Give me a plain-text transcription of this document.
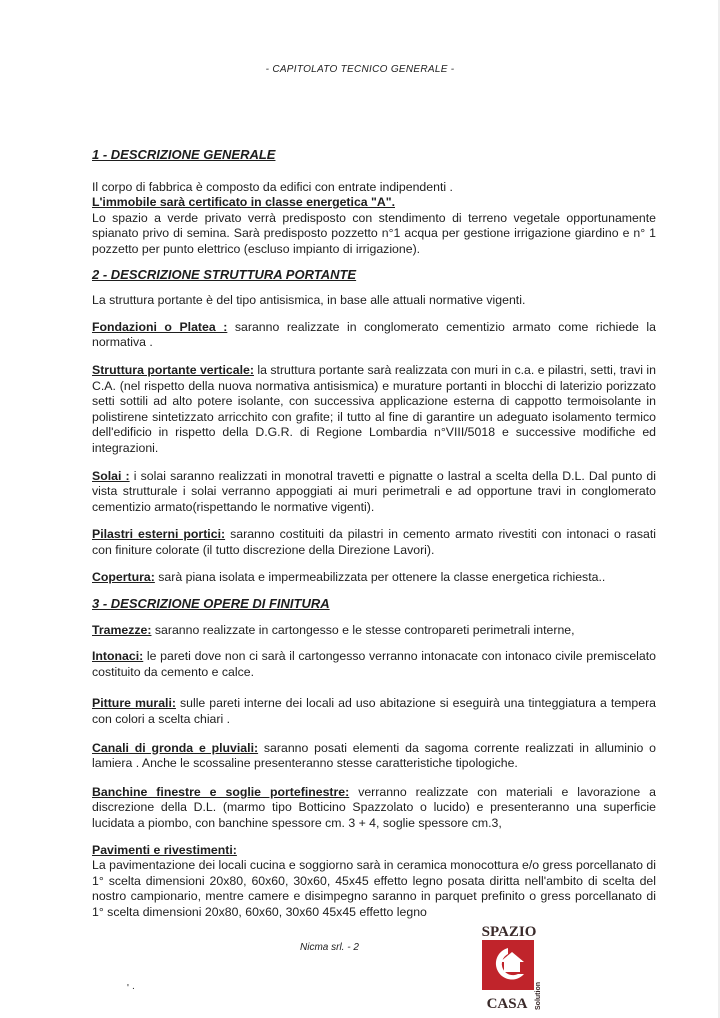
- CAPITOLATO TECNICO GENERALE -

1 - DESCRIZIONE GENERALE

Il corpo di fabbrica è composto da edifici con entrate indipendenti .

L'immobile sarà certificato in classe energetica "A".

Lo spazio a verde privato verrà predisposto con stendimento di terreno vegetale opportunamente spianato privo di semina. Sarà predisposto pozzetto n°1 acqua per gestione irrigazione giardino e n° 1 pozzetto per punto elettrico (escluso impianto di irrigazione).

2 - DESCRIZIONE STRUTTURA PORTANTE

La struttura portante è del tipo antisismica, in base alle attuali normative vigenti.

Fondazioni o Platea : saranno realizzate in conglomerato cementizio armato come richiede la normativa .

Struttura portante verticale: la struttura portante sarà realizzata con muri in c.a. e pilastri, setti, travi in C.A. (nel rispetto della nuova normativa antisismica) e murature portanti in blocchi di laterizio porizzato setti sottili ad alto potere isolante, con successiva applicazione esterna di cappotto termoisolante in polistirene sintetizzato arricchito con grafite; il tutto al fine di garantire un adeguato isolamento termico dell'edificio in rispetto della D.G.R. di Regione Lombardia n°VIII/5018 e successive modifiche ed integrazioni.

Solai : i solai saranno realizzati in monotral travetti e pignatte o lastral a scelta della D.L. Dal punto di vista strutturale i solai verranno appoggiati ai muri perimetrali e ad opportune travi in conglomerato cementizio armato(rispettando le normative vigenti).

Pilastri esterni portici: saranno costituiti da pilastri in cemento armato rivestiti con intonaci o rasati con finiture colorate (il tutto discrezione della Direzione Lavori).

Copertura: sarà piana isolata e impermeabilizzata per ottenere la classe energetica richiesta..

3 - DESCRIZIONE OPERE DI FINITURA

Tramezze: saranno realizzate in cartongesso e le stesse contropareti perimetrali interne,

Intonaci: le pareti dove non ci sarà il cartongesso verranno intonacate con intonaco civile premiscelato costituito da cemento e calce.

Pitture murali: sulle pareti interne dei locali ad uso abitazione si eseguirà una tinteggiatura a tempera con colori a scelta chiari .

Canali di gronda e pluviali: saranno posati elementi da sagoma corrente realizzati in alluminio o lamiera . Anche le scossaline presenteranno stesse caratteristiche tipologiche.

Banchine finestre e soglie portefinestre: verranno realizzate con materiali e lavorazione a discrezione della D.L. (marmo tipo Botticino Spazzolato o lucido) e presenteranno una superficie lucidata a piombo, con banchine spessore cm. 3 + 4, soglie spessore cm.3,

Pavimenti e rivestimenti:

La pavimentazione dei locali cucina e soggiorno sarà in ceramica monocottura e/o gress porcellanato di 1° scelta dimensioni 20x80, 60x60, 30x60, 45x45 effetto legno posata diritta nell'ambito di scelta del nostro campionario, mentre camere e disimpegno saranno in parquet prefinito o gress porcellanato di 1° scelta dimensioni 20x80, 60x60, 30x60 45x45 effetto legno

Nicma srl. - 2
' ·
SPAZIO
CASA Solution
